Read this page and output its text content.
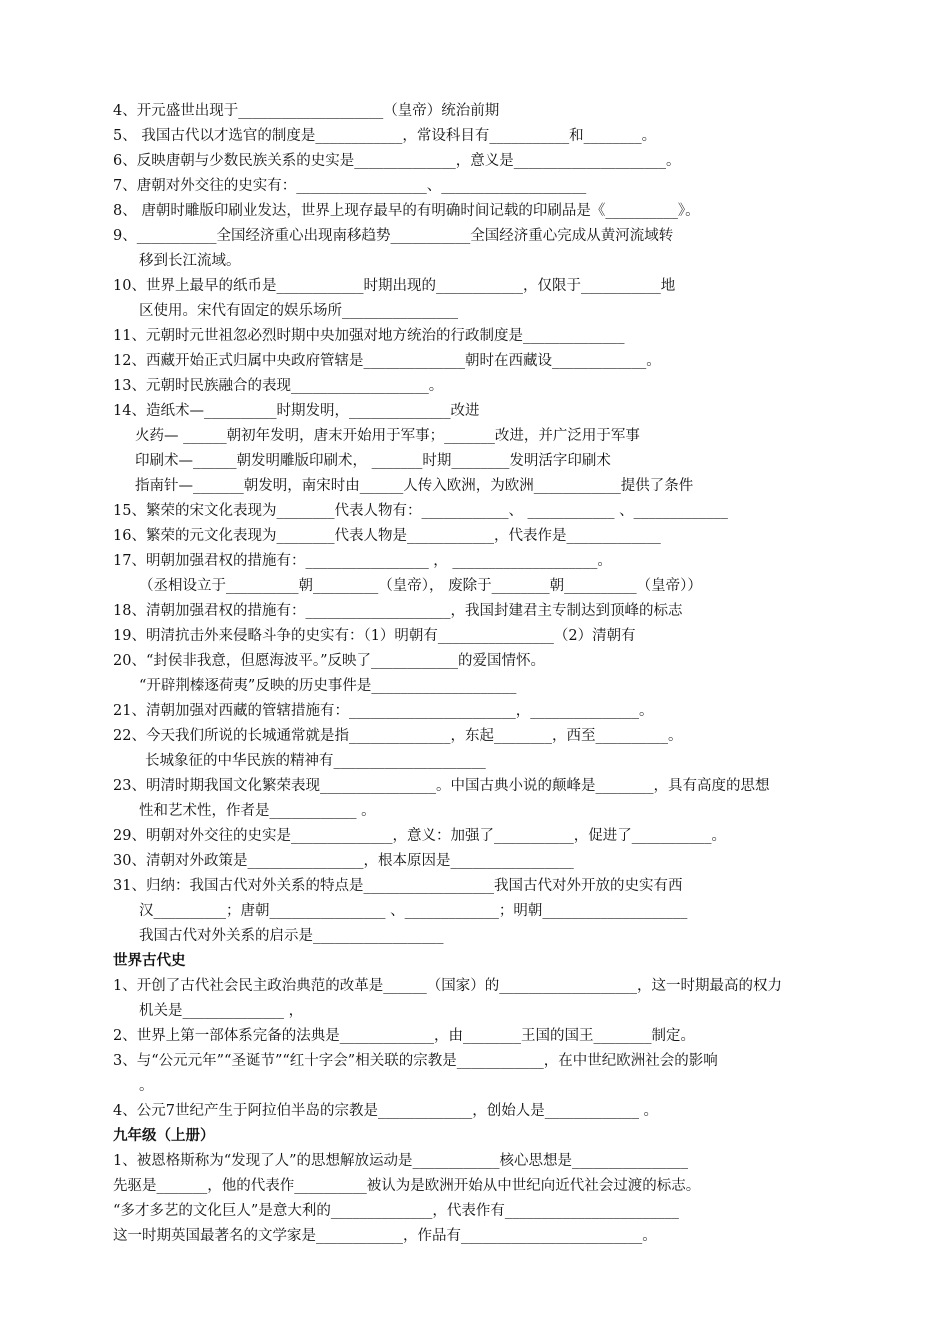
4、开元盛世出现于____________________（皇帝）统治前期
5、 我国古代以才选官的制度是____________，常设科目有___________和________。
6、反映唐朝与少数民族关系的史实是______________，意义是_____________________。
7、唐朝对外交往的史实有：__________________、____________________
8、 唐朝时雕版印刷业发达，世界上现存最早的有明确时间记载的印刷品是《__________》。
9、___________全国经济重心出现南移趋势___________全国经济重心完成从黄河流域转
移到长江流域。
10、世界上最早的纸币是____________时期出现的____________，仅限于___________地
区使用。宋代有固定的娱乐场所________________
11、元朝时元世祖忽必烈时期中央加强对地方统治的行政制度是______________
12、西藏开始正式归属中央政府管辖是______________朝时在西藏设_____________。
13、元朝时民族融合的表现___________________。
14、造纸术—__________时期发明，______________改进
火药— ______朝初年发明，唐末开始用于军事；_______改进，并广泛用于军事
印刷术—______朝发明雕版印刷术， _______时期________发明活字印刷术
指南针—_______朝发明，南宋时由______人传入欧洲，为欧洲____________提供了条件
15、繁荣的宋文化表现为________代表人物有：____________、 ____________ 、_____________
16、繁荣的元文化表现为________代表人物是____________，代表作是_____________
17、明朝加强君权的措施有：_________________ ， ____________________。
（丞相设立于__________朝_________（皇帝）， 废除于________朝__________（皇帝））
18、清朝加强君权的措施有：____________________，我国封建君主专制达到顶峰的标志
19、明清抗击外来侵略斗争的史实有：（1）明朝有________________（2）清朝有
20、“封侯非我意，但愿海波平。”反映了____________的爱国情怀。
“开辟荆榛逐荷夷”反映的历史事件是____________________
21、清朝加强对西藏的管辖措施有：_______________________，_______________。
22、今天我们所说的长城通常就是指______________，东起________，西至__________。
长城象征的中华民族的精神有_____________________
23、明清时期我国文化繁荣表现________________。中国古典小说的颠峰是________，具有高度的思想
性和艺术性，作者是____________ 。
29、明朝对外交往的史实是______________，意义：加强了___________，促进了___________。
30、清朝对外政策是________________，根本原因是_________________
31、归纳：我国古代对外关系的特点是__________________我国古代对外开放的史实有西
汉__________；唐朝________________ 、_____________；明朝____________________
我国古代对外关系的启示是__________________
世界古代史
1、开创了古代社会民主政治典范的改革是______（国家）的___________________，这一时期最高的权力
机关是______________ ，
2、世界上第一部体系完备的法典是_____________，由________王国的国王________制定。
3、与“公元元年”“圣诞节”“红十字会”相关联的宗教是____________，在中世纪欧洲社会的影响
。
4、公元7世纪产生于阿拉伯半岛的宗教是_____________，创始人是_____________ 。
九年级（上册）
1、被恩格斯称为“发现了人”的思想解放运动是____________核心思想是________________
先驱是_______，他的代表作__________被认为是欧洲开始从中世纪向近代社会过渡的标志。
“多才多艺的文化巨人”是意大利的______________，代表作有________________________
这一时期英国最著名的文学家是____________，作品有_________________________。
